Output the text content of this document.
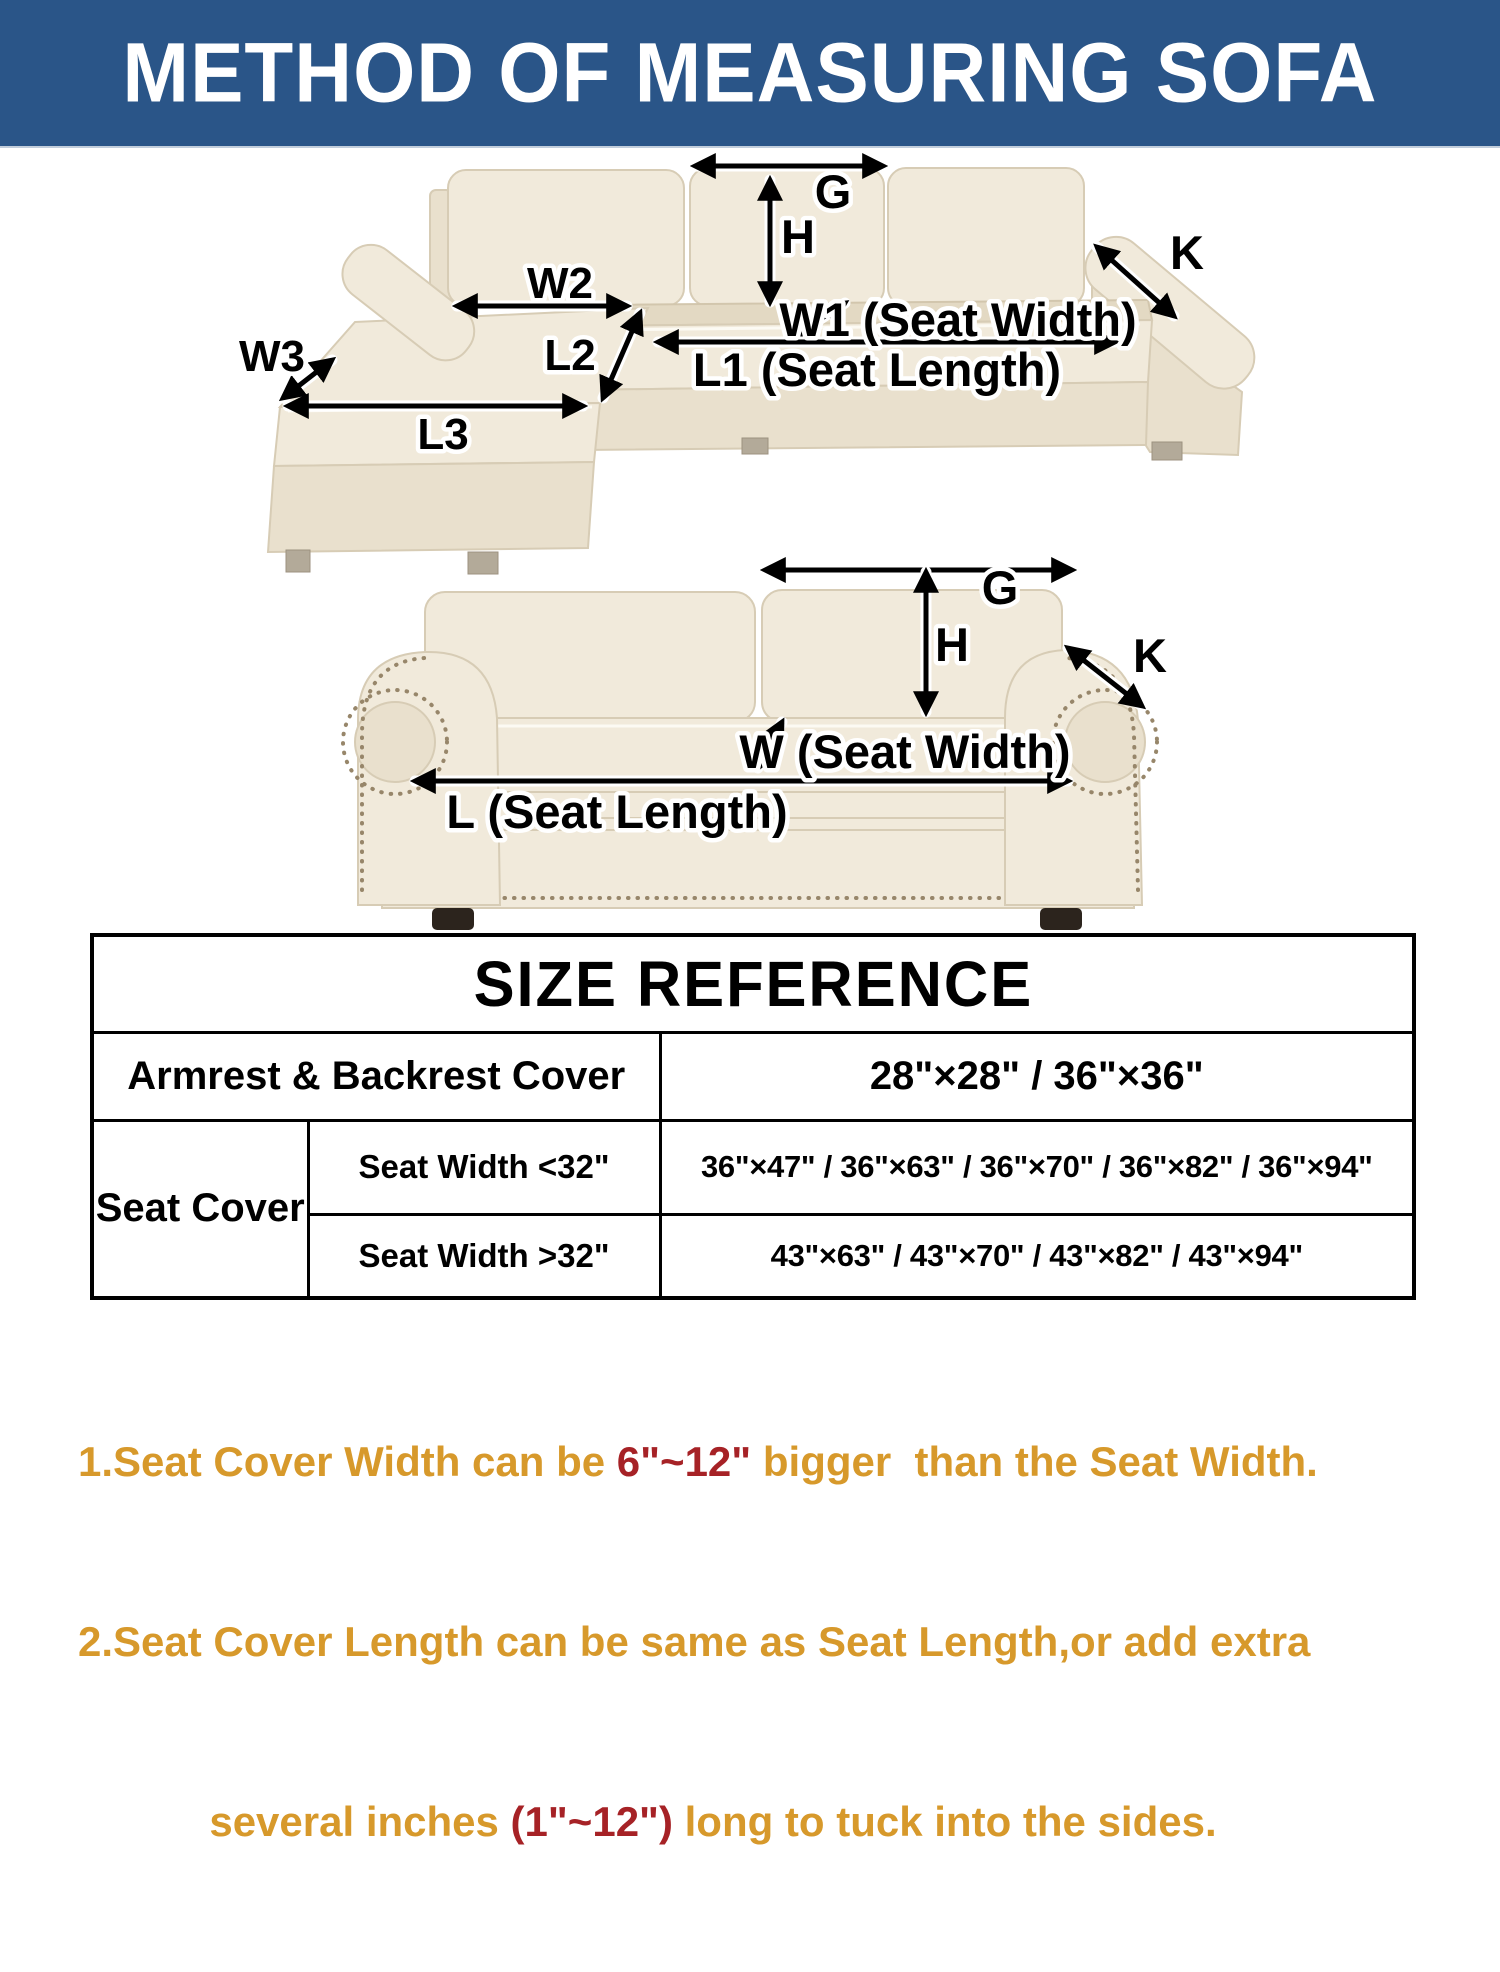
METHOD OF MEASURING SOFA
G
H	K
W1 (Seat Width)
L1 (Seat Length)
W2
L2
W3
L3
G
H	K
W (Seat Width)
L (Seat Length)
SIZE REFERENCE		
Armrest & Backrest Cover		28"×28" / 36"×36"
Seat Cover	Seat Width <32"	36"×47" / 36"×63" / 36"×70" / 36"×82" / 36"×94"
	Seat Width >32"	43"×63" / 43"×70" / 43"×82" / 43"×94"

1.Seat Cover Width can be 6"~12" bigger  than the Seat Width.

2.Seat Cover Length can be same as Seat Length,or add extra

several inches (1"~12") long to tuck into the sides.
